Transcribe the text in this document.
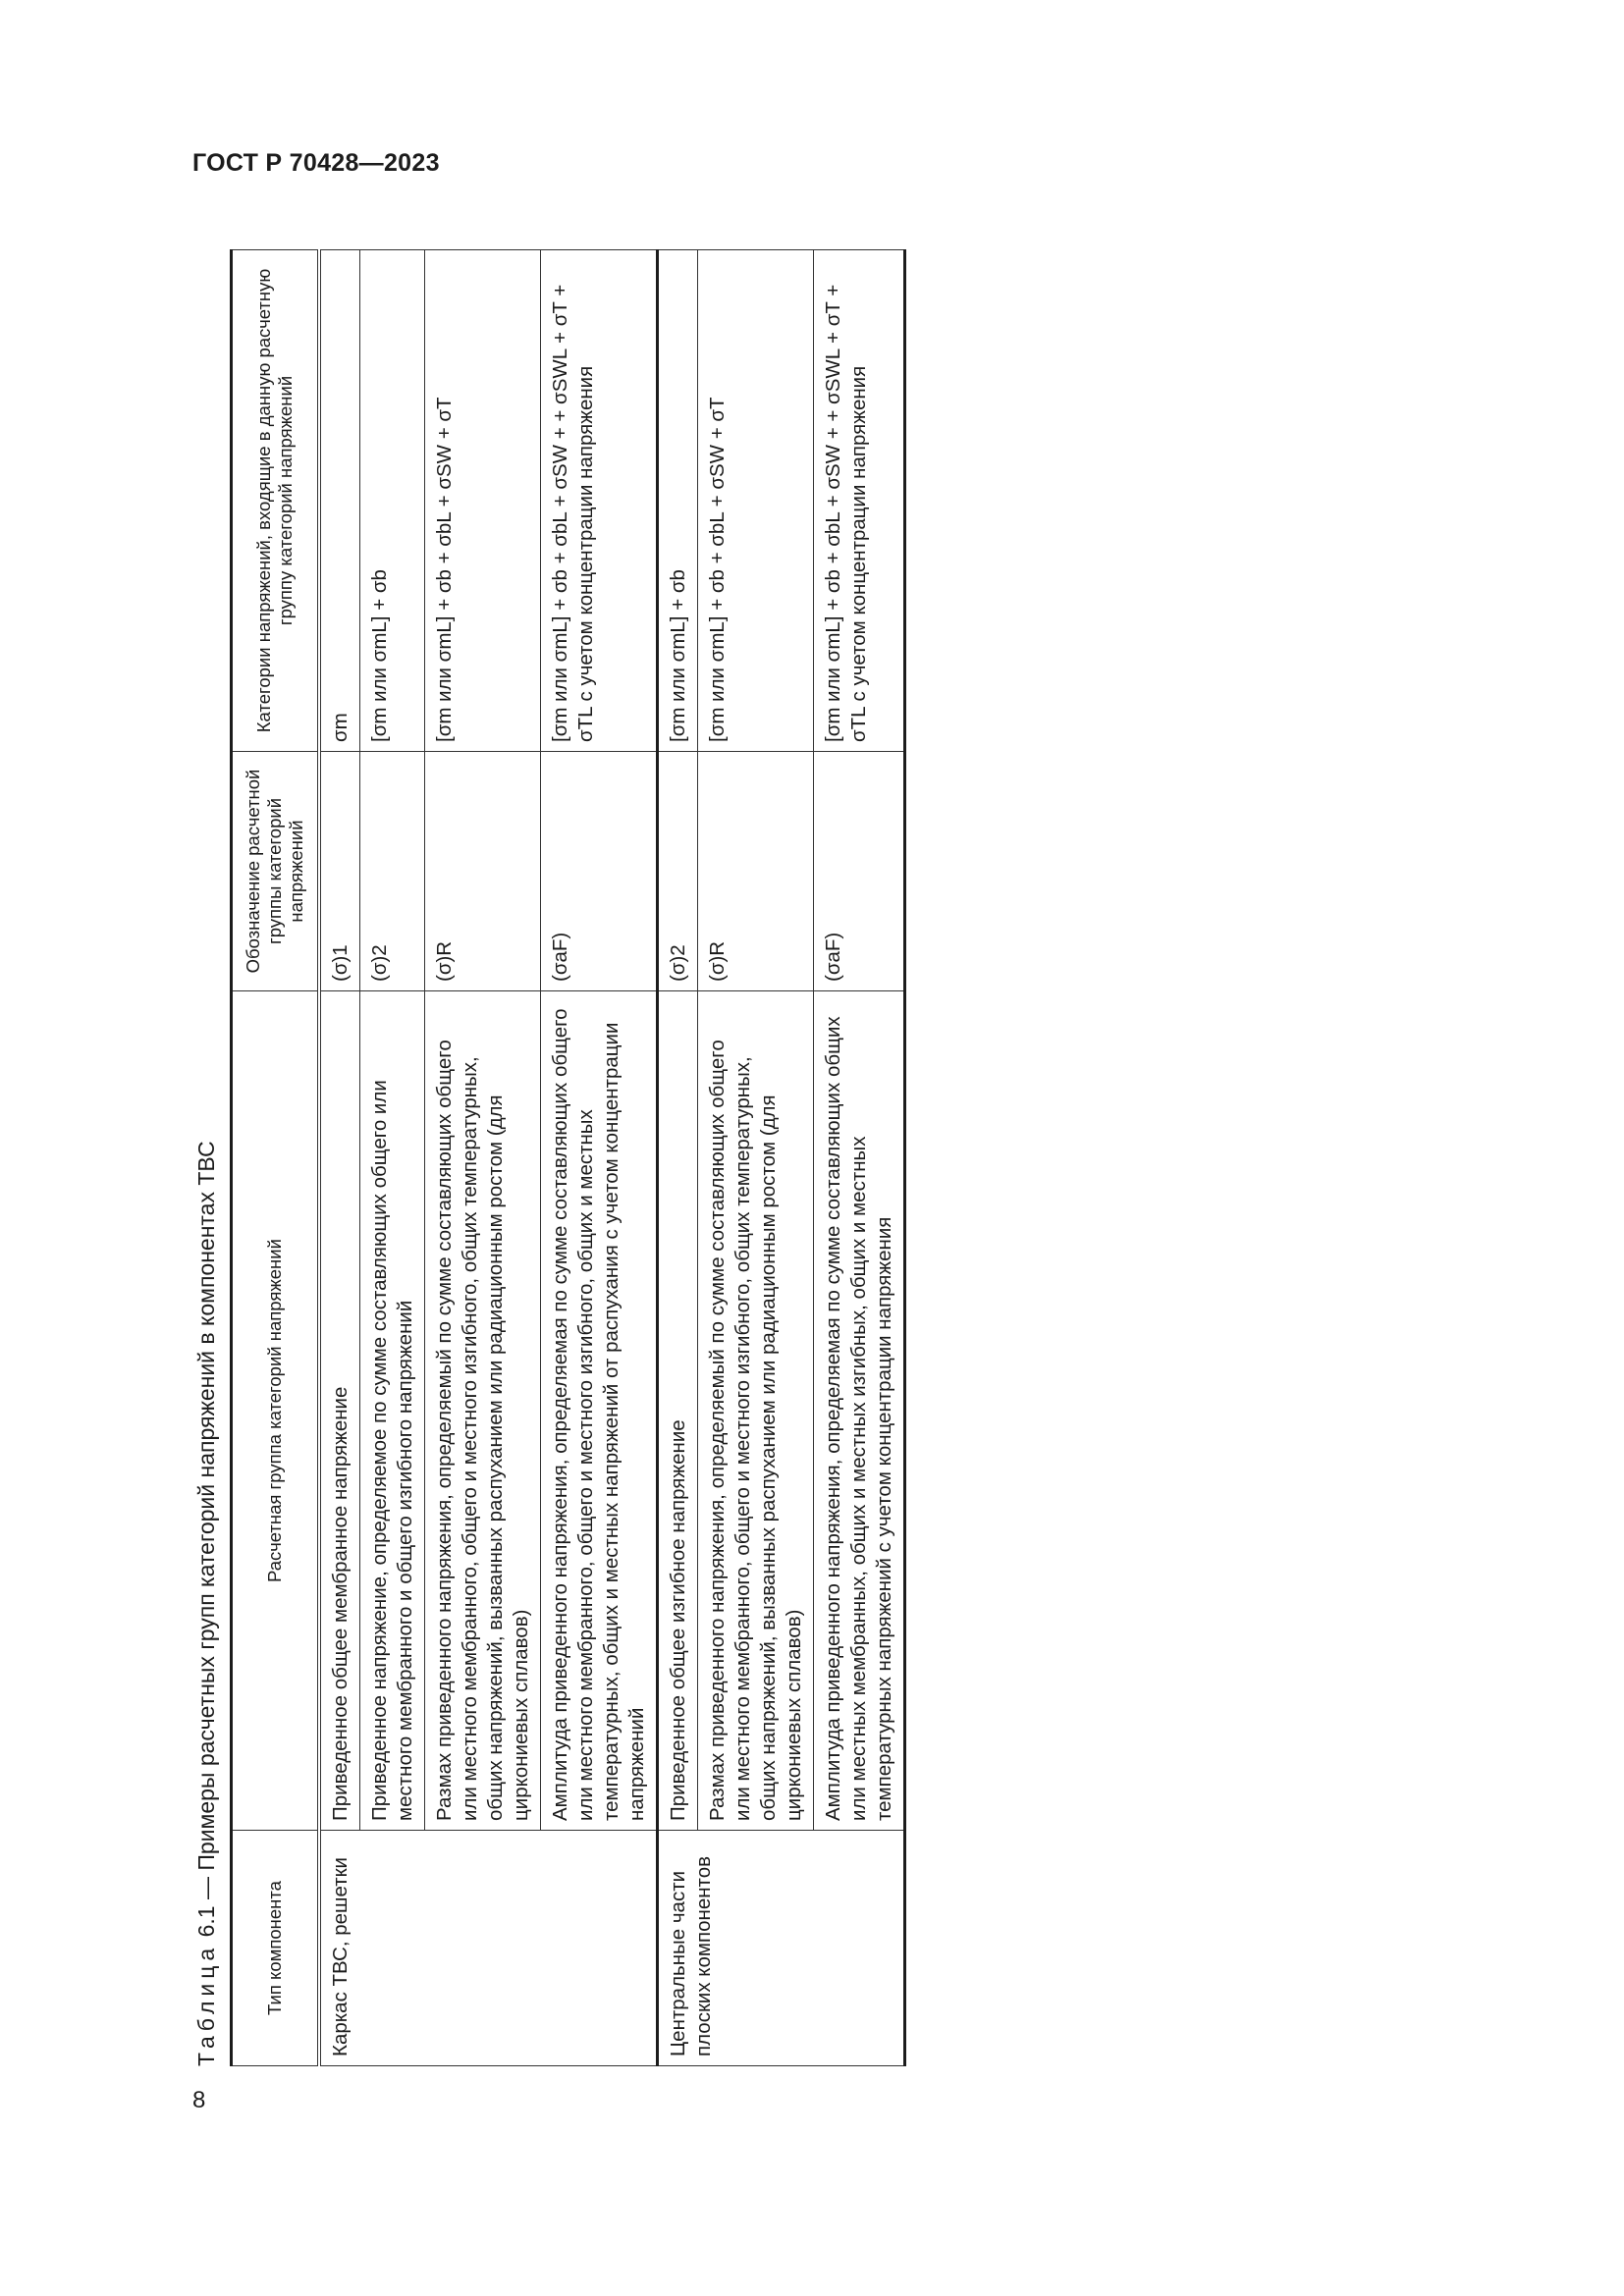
ГОСТ Р 70428—2023
8
Таблица 6.1 — Примеры расчетных групп категорий напряжений в компонентах ТВС
Тип компонента	Расчетная группа категорий напряжений	Обозначение расчетной группы категорий напряжений	Категории напряжений, входящие в данную расчетную группу категорий напряжений
Каркас ТВС, решетки	Приведенное общее мембранное напряжение	(σ)1	σm
	Приведенное напряжение, определяемое по сумме составляющих общего или местного мембранного и общего изгибного напряжений	(σ)2	[σm или σmL] + σb
	Размах приведенного напряжения, определяемый по сумме составляющих общего или местного мембранного, общего и местного изгибного, общих температурных, общих напряжений, вызванных распуханием или радиационным ростом (для циркониевых сплавов)	(σ)R	[σm или σmL] + σb + σbL + σSW + σT
	Амплитуда приведенного напряжения, определяемая по сумме составляющих общего или местного мембранного, общего и местного изгибного, общих и местных температурных, общих и местных напряжений от распухания с учетом концентрации напряжений	(σaF)	[σm или σmL] + σb + σbL + σSW + + σSWL + σT + σTL с учетом концентрации напряжения
Центральные части плоских компонентов	Приведенное общее изгибное напряжение	(σ)2	[σm или σmL] + σb
	Размах приведенного напряжения, определяемый по сумме составляющих общего или местного мембранного, общего и местного изгибного, общих температурных, общих напряжений, вызванных распуханием или радиационным ростом (для циркониевых сплавов)	(σ)R	[σm или σmL] + σb + σbL + σSW + σT
	Амплитуда приведенного напряжения, определяемая по сумме составляющих общих или местных мембранных, общих и местных изгибных, общих и местных температурных напряжений с учетом концентрации напряжения	(σaF)	[σm или σmL] + σb + σbL + σSW + + σSWL + σT + σTL с учетом концентрации напряжения
